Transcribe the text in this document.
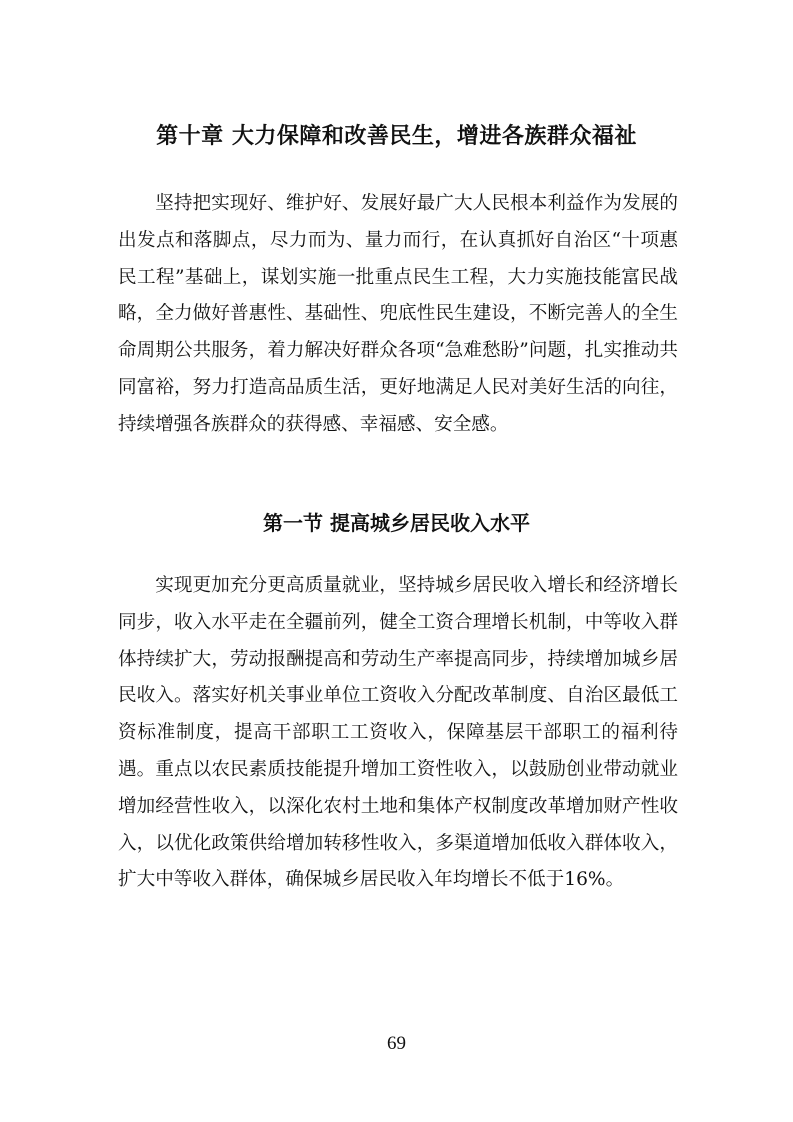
第十章 大力保障和改善民生，增进各族群众福祉

坚持把实现好、维护好、发展好最广大人民根本利益作为发展的出发点和落脚点，尽力而为、量力而行，在认真抓好自治区“十项惠民工程”基础上，谋划实施一批重点民生工程，大力实施技能富民战略，全力做好普惠性、基础性、兜底性民生建设，不断完善人的全生命周期公共服务，着力解决好群众各项“急难愁盼”问题，扎实推动共同富裕，努力打造高品质生活，更好地满足人民对美好生活的向往，持续增强各族群众的获得感、幸福感、安全感。

第一节 提高城乡居民收入水平

实现更加充分更高质量就业，坚持城乡居民收入增长和经济增长同步，收入水平走在全疆前列，健全工资合理增长机制，中等收入群体持续扩大，劳动报酬提高和劳动生产率提高同步，持续增加城乡居民收入。落实好机关事业单位工资收入分配改革制度、自治区最低工资标准制度，提高干部职工工资收入，保障基层干部职工的福利待遇。重点以农民素质技能提升增加工资性收入，以鼓励创业带动就业增加经营性收入，以深化农村土地和集体产权制度改革增加财产性收入，以优化政策供给增加转移性收入，多渠道增加低收入群体收入，扩大中等收入群体，确保城乡居民收入年均增长不低于16%。

69
